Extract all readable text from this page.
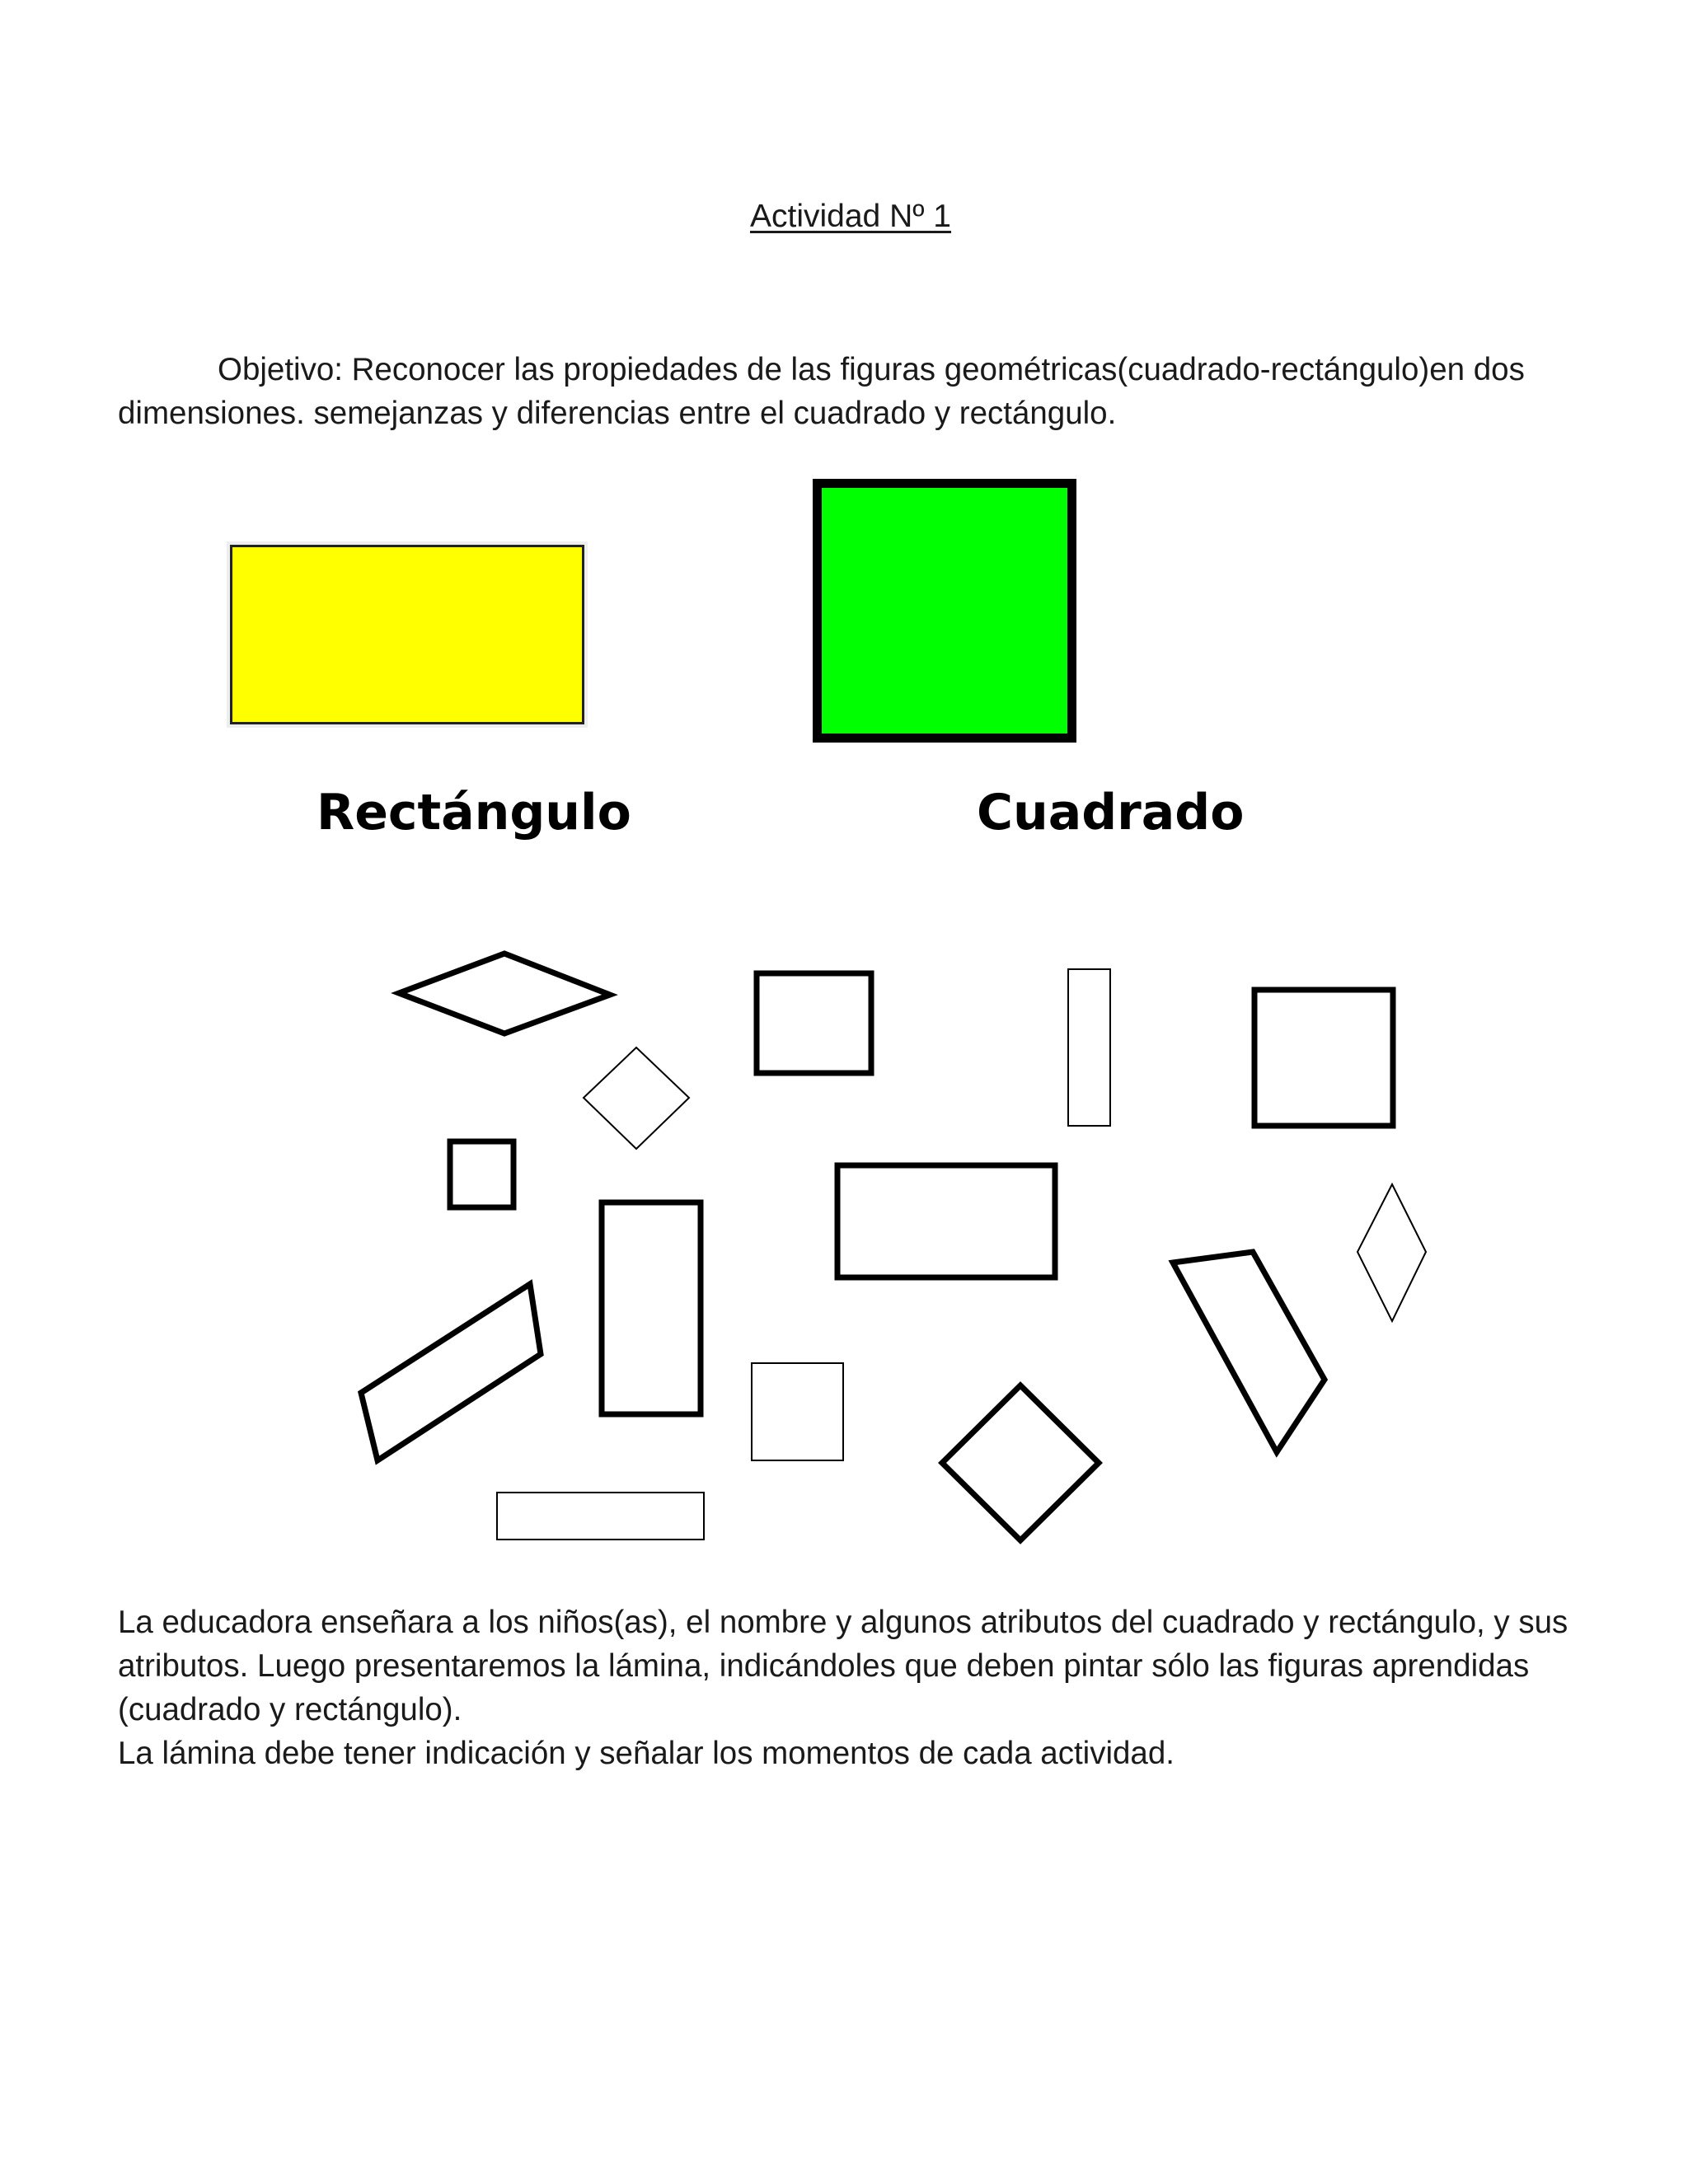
Actividad Nº 1

Objetivo: Reconocer las propiedades de las figuras geométricas(cuadrado-rectángulo)en dos dimensiones. semejanzas y diferencias entre el cuadrado y rectángulo.

Rectángulo	Cuadrado

La educadora enseñara a los niños(as), el nombre y algunos atributos del cuadrado y rectángulo, y sus atributos. Luego presentaremos la lámina, indicándoles que deben pintar sólo las figuras aprendidas (cuadrado y rectángulo).

La lámina debe tener indicación y señalar los momentos de cada actividad.
